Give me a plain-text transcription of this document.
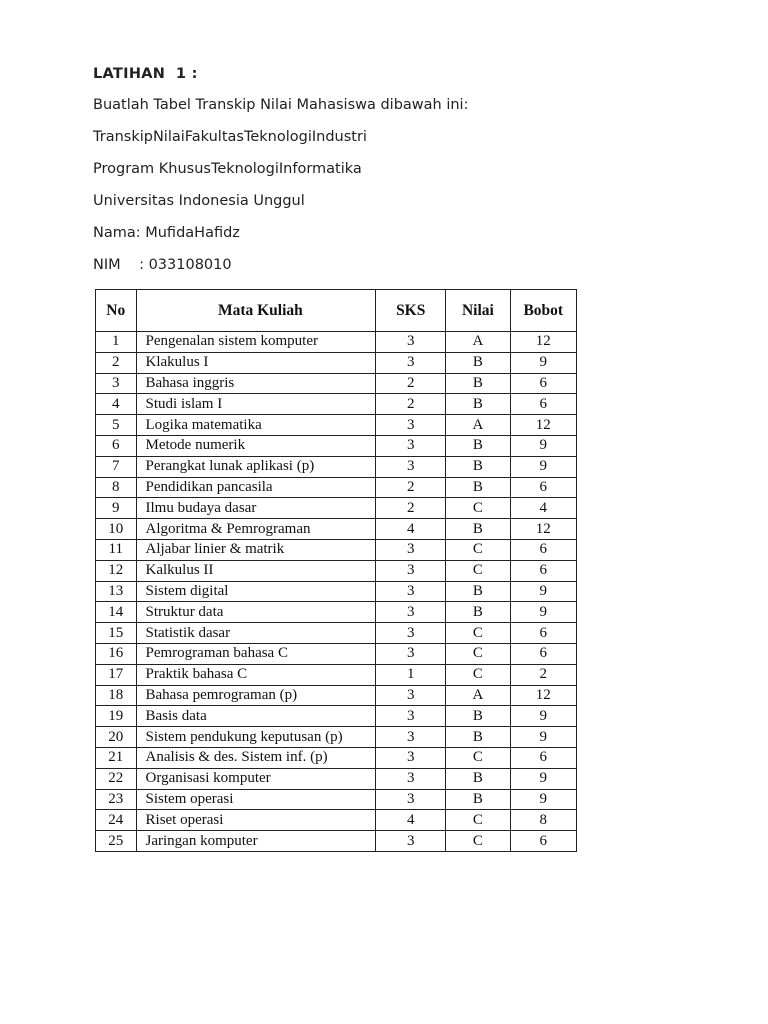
LATIHAN  1 :
Buatlah Tabel Transkip Nilai Mahasiswa dibawah ini:
TranskipNilaiFakultasTeknologiIndustri
Program KhususTeknologiInformatika
Universitas Indonesia Unggul
Nama: MufidaHafidz
NIM    : 033108010
No	Mata Kuliah	SKS	Nilai	Bobot
1	Pengenalan sistem komputer	3	A	12
2	Klakulus I	3	B	9
3	Bahasa inggris	2	B	6
4	Studi islam I	2	B	6
5	Logika matematika	3	A	12
6	Metode numerik	3	B	9
7	Perangkat lunak aplikasi (p)	3	B	9
8	Pendidikan pancasila	2	B	6
9	Ilmu budaya dasar	2	C	4
10	Algoritma & Pemrograman	4	B	12
11	Aljabar linier & matrik	3	C	6
12	Kalkulus II	3	C	6
13	Sistem digital	3	B	9
14	Struktur data	3	B	9
15	Statistik dasar	3	C	6
16	Pemrograman bahasa C	3	C	6
17	Praktik bahasa C	1	C	2
18	Bahasa pemrograman (p)	3	A	12
19	Basis data	3	B	9
20	Sistem pendukung keputusan (p)	3	B	9
21	Analisis & des. Sistem inf. (p)	3	C	6
22	Organisasi komputer	3	B	9
23	Sistem operasi	3	B	9
24	Riset operasi	4	C	8
25	Jaringan komputer	3	C	6
